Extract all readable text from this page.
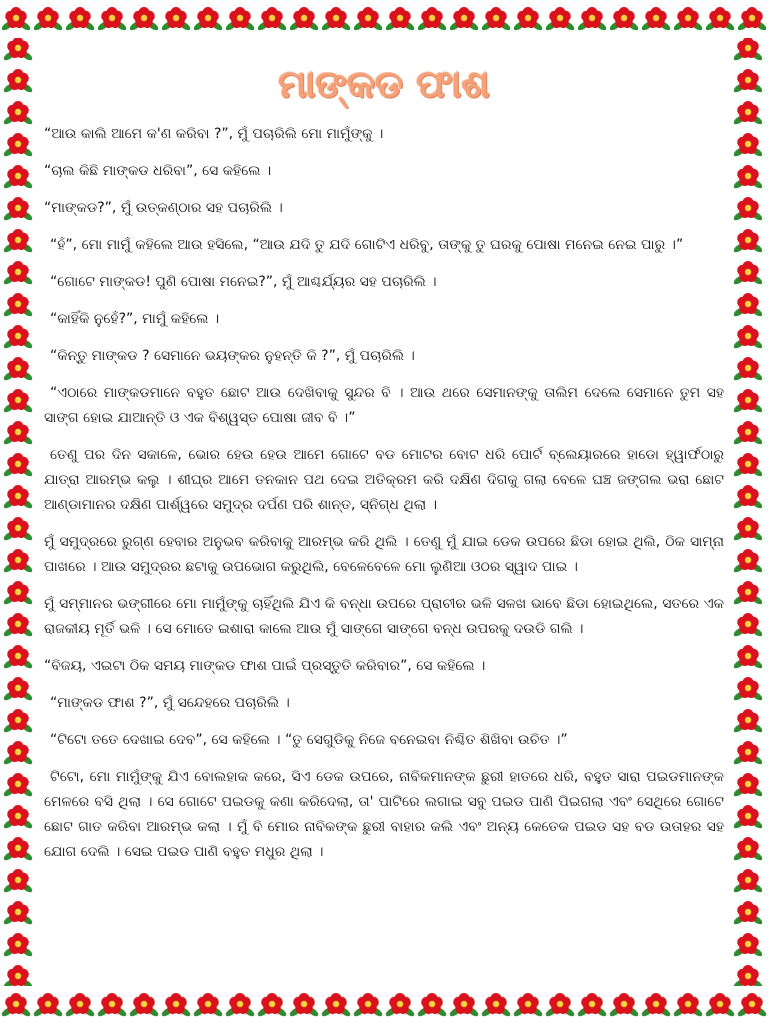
ମାଙ୍କଡ ଫାଶ

“ଆଉ କାଲି ଆମେ କ'ଣ କରିବା ?”, ମୁଁ ପଚାରିଲି ମୋ ମାମୁଁଙ୍କୁ ।

“ଚାଲ କିଛି ମାଙ୍କଡ ଧରିବା”, ସେ କହିଲେ ।

“ମାଙ୍କଡ?”, ମୁଁ ଉତ୍କଣ୍ଠାର ସହ ପଚାରିଲି ।

“ହଁ”, ମୋ ମାମୁଁ କହିଲେ ଆଉ ହସିଲେ, “ଆଉ ଯଦି ତୁ ଯଦି ଗୋଟିଏ ଧରିବୁ, ତାଙ୍କୁ ତୁ ଘରକୁ ପୋଷା ମନେଇ ନେଇ ପାରୁ ।”

“ଗୋଟେ ମାଙ୍କଡ! ପୁଣି ପୋଷା ମନେଇ?”, ମୁଁ ଆଶ୍ଚର୍ଯ୍ୟର ସହ ପଚାରିଲି ।

“କାହିଁକି ନୁହେଁ?”, ମାମୁଁ କହିଲେ ।

“କିନ୍ତୁ ମାଙ୍କଡ ? ସେମାନେ ଭୟଙ୍କର ନୁହନ୍ତି କି ?”, ମୁଁ ପଚାରିଲି ।

“ଏଠାରେ ମାଙ୍କଡମାନେ ବହୁତ ଛୋଟ ଆଉ ଦେଖିବାକୁ ସୁନ୍ଦର ବି । ଆଉ ଥରେ ସେମାନଙ୍କୁ ତାଲିମ ଦେଲେ ସେମାନେ ତୁମ ସହ ସାଙ୍ଗ ହୋଇ ଯାଆନ୍ତି ଓ ଏକ ବିଶ୍ୱସ୍ତ ପୋଷା ଜୀବ ବି ।”

ତେଣୁ ପର ଦିନ ସକାଳେ, ଭୋର ହେଉ ହେଉ ଆମେ ଗୋଟେ ବଡ ମୋଟର ବୋଟ ଧରି ପୋର୍ଟ ବ୍ଲେୟାରରେ ହାଡୋ ହ୍ୱାର୍ଫଠାରୁ ଯାତ୍ରା ଆରମ୍ଭ କଲୁ । ଶୀଘ୍ର ଆମେ ତନକାନ ପଥ ଦେଇ ଅତିକ୍ରମ କରି ଦକ୍ଷିଣ ଦିଗକୁ ଗଲା ବେଳେ ଘଞ୍ଚ ଜଙ୍ଗଲ ଭରା ଛୋଟ ଆଣ୍ଡାମାନର ଦକ୍ଷିଣ ପାର୍ଶ୍ୱରେ ସମୁଦ୍ର ଦର୍ପଣ ପରି ଶାନ୍ତ, ସ୍ନିଗ୍ଧ ଥିଲା ।

ମୁଁ ସମୁଦ୍ରରେ ରୁଗ୍ଣ ହେବାର ଅନୁଭବ କରିବାକୁ ଆରମ୍ଭ କରି ଥିଲି । ତେଣୁ ମୁଁ ଯାଇ ଡେକ ଉପରେ ଛିଡା ହୋଇ ଥିଲି, ଠିକ ସାମ୍ନା ପାଖରେ । ଆଉ ସମୁଦ୍ରର ଛଟାକୁ ଉପଭୋଗ କରୁଥିଲି, ବେଳେବେଳେ ମୋ ଲୁଣିଆ ଓଠର ସ୍ୱାଦ ପାଇ ।

ମୁଁ ସମ୍ମାନର ଭଙ୍ଗୀରେ ମୋ ମାମୁଁଙ୍କୁ ଚାହିଁଥିଲି ଯିଏ କି ବନ୍ଧା ଉପରେ ପ୍ରାଚୀର ଭଳି ସଳଖ ଭାବେ ଛିଡା ହୋଇଥିଲେ, ସତରେ ଏକ ରାଜକୀୟ ମୂର୍ତି ଭଳି । ସେ ମୋତେ ଇଶାରା କାଲେ ଆଉ ମୁଁ ସାଙ୍ଗେ ସାଙ୍ଗେ ବନ୍ଧ ଉପରକୁ ଦଉଡି ଗଲି ।

“ବିଜୟ, ଏଇଟା ଠିକ ସମୟ ମାଙ୍କଡ ଫାଶ ପାଇଁ ପ୍ରସ୍ତୁତି କରିବାର”, ସେ କହିଲେ ।

“ମାଙ୍କଡ ଫାଶ ?”, ମୁଁ ସନ୍ଦେହରେ ପଚାରିଲି ।

“ଟିଟୋ ତତେ ଦେଖାଇ ଦେବ”, ସେ କହିଲେ । “ତୁ ସେଗୁଡିକୁ ନିଜେ ବନେଇବା ନିଶ୍ଚିତ ଶିଖିବା ଉଚିତ ।”

ଟିଟୋ, ମୋ ମାମୁଁଙ୍କୁ ଯିଏ ବୋଲହାକ କରେ, ସିଏ ଡେକ ଉପରେ, ନାବିକମାନଙ୍କ ଛୁରୀ ହାତରେ ଧରି, ବହୁତ ସାରା ପଇଡମାନଙ୍କ ମେଳରେ ବସି ଥିଲା । ସେ ଗୋଟେ ପଇଡକୁ କଣା କରିଦେଲା, ତା' ପାଟିରେ ଲଗାଇ ସବୁ ପଇଡ ପାଣି ପିଇଗଲା ଏବଂ ସେଥିରେ ଗୋଟେ ଛୋଟ ଗାତ କରିବା ଆରମ୍ଭ କଲା । ମୁଁ ବି ମୋର ନାବିକଙ୍କ ଛୁରୀ ବାହାର କଲି ଏବଂ ଅନ୍ୟ କେତେକ ପଇଡ ସହ ବଡ ଉତାହର ସହ ଯୋଗ ଦେଲି । ସେଇ ପଇଡ ପାଣି ବହୁତ ମଧୁର ଥିଲା ।
